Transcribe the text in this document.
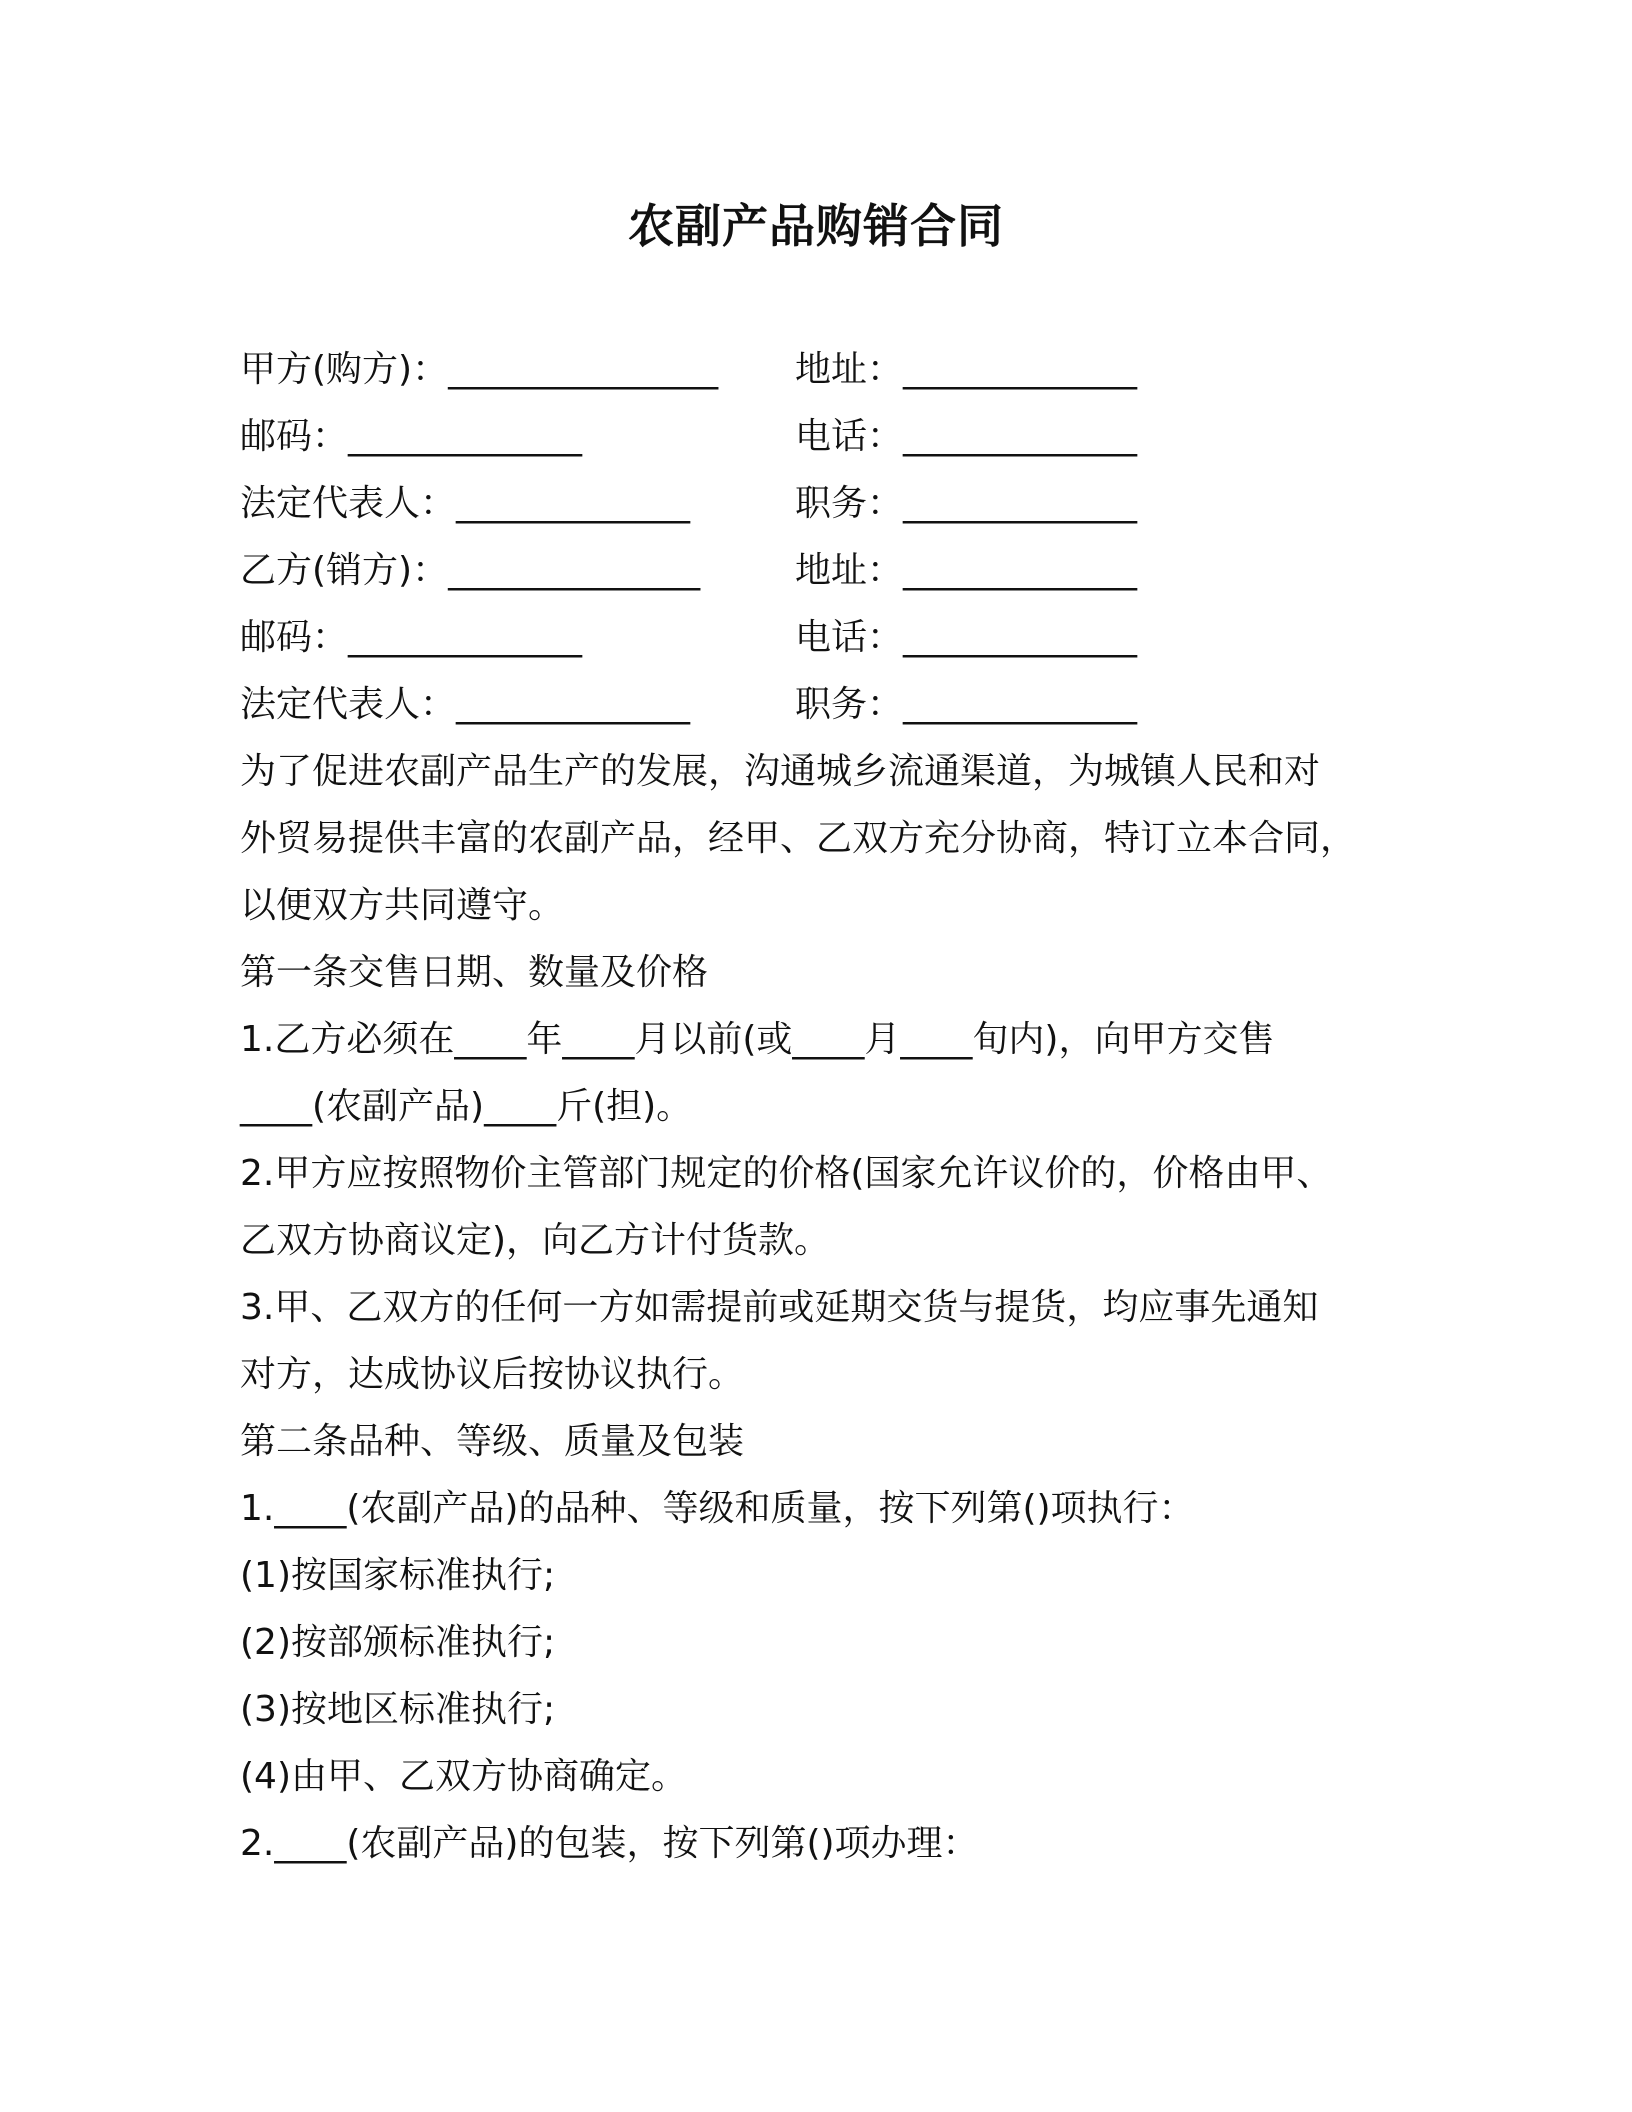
农副产品购销合同
甲方(购方)：_______________ 地址：_____________
邮码：_____________	电话：_____________
法定代表人：_____________	职务：_____________
乙方(销方)：______________	地址：_____________
邮码：_____________	电话：_____________
法定代表人：_____________	职务：_____________
为了促进农副产品生产的发展，沟通城乡流通渠道，为城镇人民和对
外贸易提供丰富的农副产品，经甲、乙双方充分协商，特订立本合同，
以便双方共同遵守。
第一条交售日期、数量及价格
1.乙方必须在____年____月以前(或____月____旬内)，向甲方交售
____(农副产品)____斤(担)。
2.甲方应按照物价主管部门规定的价格(国家允许议价的，价格由甲、
乙双方协商议定)，向乙方计付货款。
3.甲、乙双方的任何一方如需提前或延期交货与提货，均应事先通知
对方，达成协议后按协议执行。
第二条品种、等级、质量及包装
1.____(农副产品)的品种、等级和质量，按下列第()项执行：
(1)按国家标准执行;
(2)按部颁标准执行;
(3)按地区标准执行;
(4)由甲、乙双方协商确定。
2.____(农副产品)的包装，按下列第()项办理：
